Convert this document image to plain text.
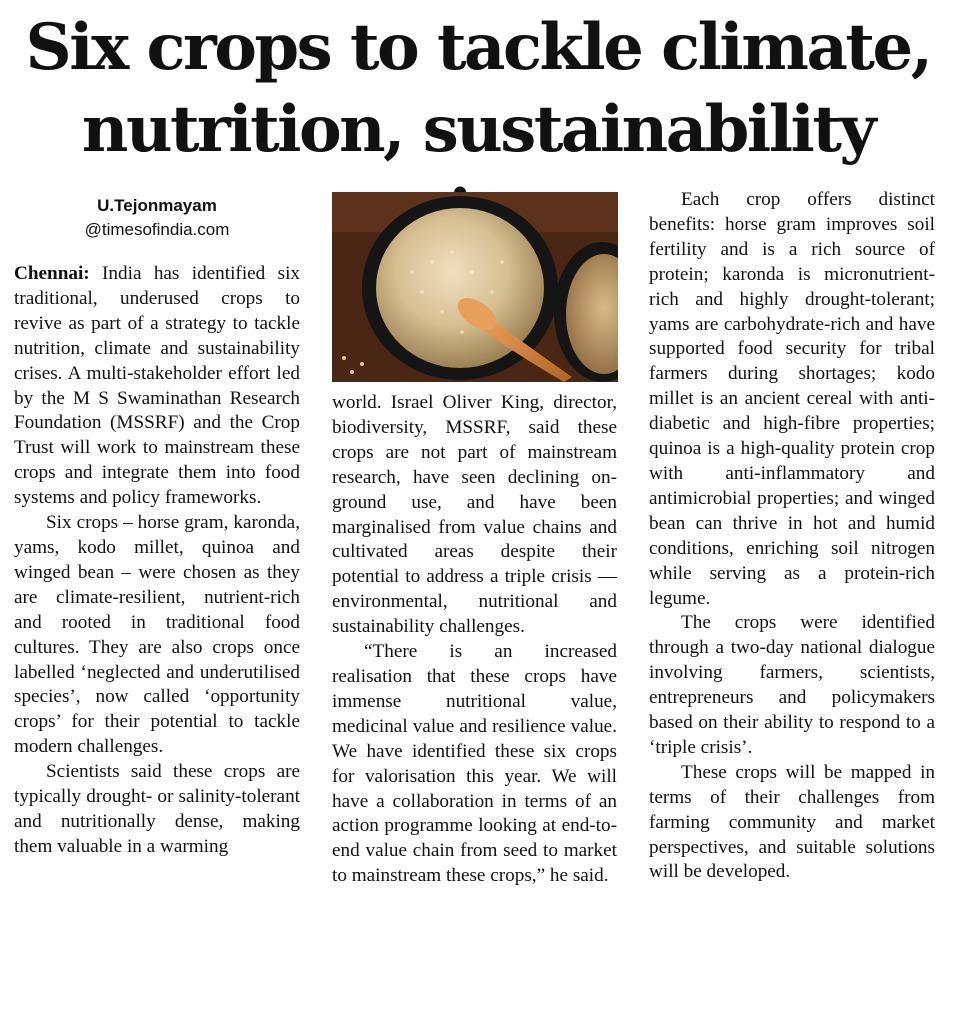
Six crops to tackle climate,
nutrition, sustainability
U.Tejonmayam
@timesofindia.com

Chennai: India has identified six traditional, underused crops to revive as part of a strategy to tackle nutrition, climate and sustainability crises. A multi-stakeholder effort led by the M S Swaminathan Research Foundation (MSSRF) and the Crop Trust will work to mainstream these crops and integrate them into food systems and policy frameworks.

Six crops – horse gram, karonda, yams, kodo millet, quinoa and winged bean – were chosen as they are climate-resilient, nutrient-rich and rooted in traditional food cultures. They are also crops once labelled ‘neglected and underutilised species’, now called ‘opportunity crops’ for their potential to tackle modern challenges.

Scientists said these crops are typically drought- or salinity-tolerant and nutritionally dense, making them valuable in a warming

world. Israel Oliver King, director, biodiversity, MSSRF, said these crops are not part of mainstream research, have seen declining on-ground use, and have been marginalised from value chains and cultivated areas despite their potential to address a triple crisis — environmental, nutritional and sustainability challenges.

“There is an increased realisation that these crops have immense nutritional value, medicinal value and resilience value. We have identified these six crops for valorisation this year. We will have a collaboration in terms of an action programme looking at end-to-end value chain from seed to market to mainstream these crops,” he said.

Each crop offers distinct benefits: horse gram improves soil fertility and is a rich source of protein; karonda is micronutrient-rich and highly drought-tolerant; yams are carbohydrate-rich and have supported food security for tribal farmers during shortages; kodo millet is an ancient cereal with anti-diabetic and high-fibre properties; quinoa is a high-quality protein crop with anti-inflammatory and antimicrobial properties; and winged bean can thrive in hot and humid conditions, enriching soil nitrogen while serving as a protein-rich legume.

The crops were identified through a two-day national dialogue involving farmers, scientists, entrepreneurs and policymakers based on their ability to respond to a ‘triple crisis’.

These crops will be mapped in terms of their challenges from farming community and market perspectives, and suitable solutions will be developed.
